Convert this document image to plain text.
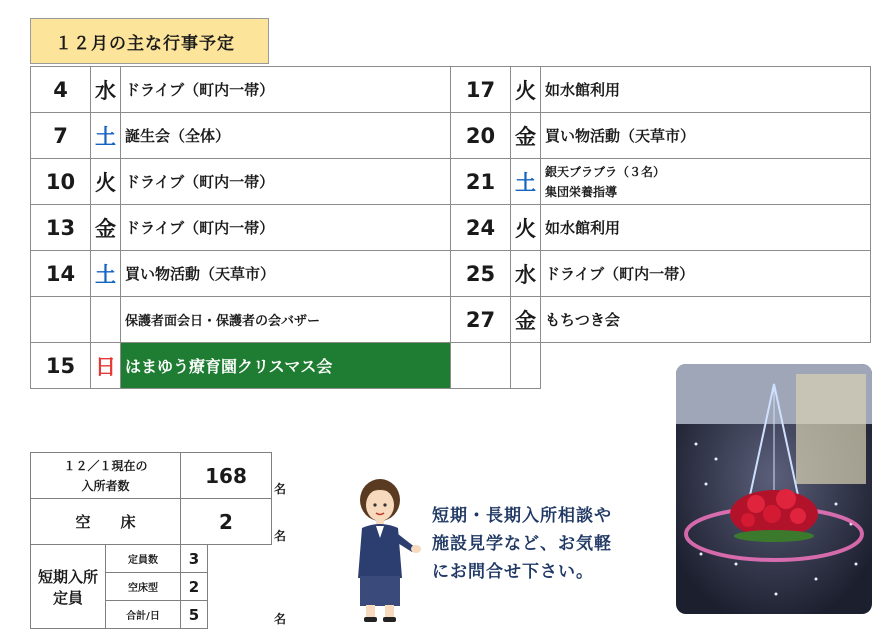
１２月の主な行事予定
4	水	ドライブ（町内一帯）	17	火	如水館利用
7	土	誕生会（全体）	20	金	買い物活動（天草市）
10	火	ドライブ（町内一帯）	21	土	銀天ブラブラ（３名）
集団栄養指導

13	金	ドライブ（町内一帯）	24	火	如水館利用
14	土	買い物活動（天草市）	25	水	ドライブ（町内一帯）
		保護者面会日・保護者の会バザー	27	金	もちつき会
15	日	はまゆう療育園クリスマス会			
１２／１現在の
入所者数		168	
空　　床		2	
短期入所定員	定員数	3	
	空床型	2	
	合計/日	5	
名
名
名
短期・長期入所相談や
施設見学など、お気軽
にお問合せ下さい。
